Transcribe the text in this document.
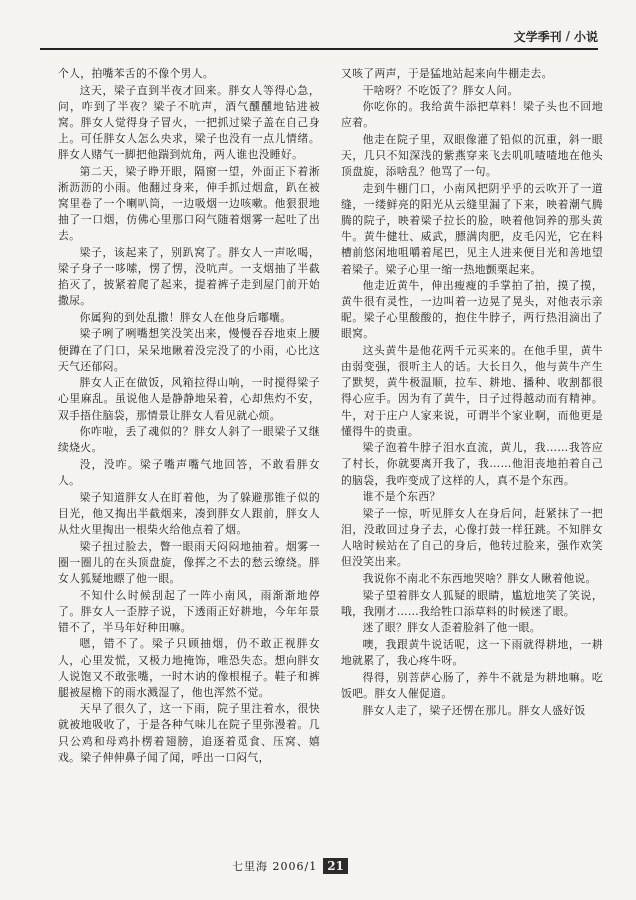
文学季刊 / 小说

个人，拍嘴苯舌的不像个男人。

这天，梁子直到半夜才回来。胖女人等得心急，问，咋到了半夜？梁子不吭声，酒气醺醺地钻进被窝。胖女人觉得身子冒火，一把抓过梁子盖在自己身上。可任胖女人怎么央求，梁子也没有一点儿情绪。胖女人赌气一脚把他踹到炕角，两人谁也没睡好。

第二天，梁子睁开眼，隔窗一望，外面正下着淅淅沥沥的小雨。他翻过身来，伸手抓过烟盒，趴在被窝里卷了一个喇叭筒，一边吸烟一边咳嗽。他狠狠地抽了一口烟，仿佛心里那口闷气随着烟雾一起吐了出去。

梁子，该起来了，别趴窝了。胖女人一声吆喝，梁子身子一哆嗦，愣了愣，没吭声。一支烟抽了半截掐灭了，披紧着爬了起来，提着裤子走到屋门前开始撒尿。

你属狗的到处乱撒！胖女人在他身后嘟囔。

梁子咧了咧嘴想笑没笑出来，慢慢吞吞地束上腰便蹲在了门口，呆呆地瞅着没完没了的小雨，心比这天气还郁闷。

胖女人正在做饭，风箱拉得山响，一时搅得梁子心里麻乱。虽说他人是静静地呆着，心却焦灼不安，双手捂住脑袋，那情景让胖女人看见就心烦。

你咋啦，丢了魂似的？胖女人斜了一眼梁子又继续烧火。

没，没咋。梁子嘴声嘴气地回答，不敢看胖女人。

梁子知道胖女人在盯着他，为了躲避那锥子似的目光，他又掏出半截烟来，凑到胖女人跟前，胖女人从灶火里掏出一根柴火给他点着了烟。

梁子扭过脸去，瞥一眼雨天闷闷地抽着。烟雾一圈一圈儿的在头顶盘旋，像挥之不去的愁云缭绕。胖女人狐疑地瞟了他一眼。

不知什么时候刮起了一阵小南风，雨渐渐地停了。胖女人一歪脖子说，下透雨正好耕地，今年年景错不了，半马年好种田嘛。

嗯，错不了。梁子只顾抽烟，仍不敢正视胖女人，心里发慌，又极力地掩饰，唯恐失态。想向胖女人说饱又不敢张嘴，一时木讷的像根棍子。鞋子和裤腿被屋檐下的雨水溅湿了，他也浑然不觉。

天早了很久了，这一下雨，院子里注着水，很快就被地吸收了，于是各种气味儿在院子里弥漫着。几只公鸡和母鸡扑楞着翅膀，追逐着觅食、压窝、嬉戏。梁子伸伸鼻子闻了闻，呼出一口闷气，

又咳了两声，于是猛地站起来向牛棚走去。

干啥呀？不吃饭了？胖女人问。

你吃你的。我给黄牛添把草料！梁子头也不回地应着。

他走在院子里，双眼像灌了铅似的沉重，斜一眼天，几只不知深浅的紫燕穿来飞去叽叽喳喳地在他头顶盘旋，添啥乱？他骂了一句。

走到牛棚门口，小南风把阴乎乎的云吹开了一道缝，一缕鲜亮的阳光从云缝里漏了下来，映着潮气腾腾的院子，映着梁子拉长的脸，映着他饲养的那头黄牛。黄牛健壮、威武，膘满肉肥，皮毛闪光，它在料槽前悠闲地咀嚼着尾巴，见主人进来便目光和善地望着梁子。梁子心里一缩一热地颤栗起来。

他走近黄牛，伸出瘦瘦的手掌拍了拍，摸了摸，黄牛很有灵性，一边叫着一边晃了晃头，对他表示亲昵。梁子心里酸酸的，抱住牛脖子，两行热泪滴出了眼窝。

这头黄牛是他花两千元买来的。在他手里，黄牛由弱变强，很听主人的话。大长日久，他与黄牛产生了默契，黄牛极温顺，拉车、耕地、播种、收割都很得心应手。因为有了黄牛，日子过得越动而有精神。牛，对于庄户人家来说，可谓半个家业啊，而他更是懂得牛的贵重。

梁子泡着牛脖子泪水直流，黄儿，我……我答应了村长，你就要离开我了，我……他泪丧地拍着自己的脑袋，我咋变成了这样的人，真不是个东西。

谁不是个东西？

梁子一惊，听见胖女人在身后问，赶紧抹了一把泪，没敢回过身子去，心像打鼓一样狂跳。不知胖女人啥时候站在了自己的身后，他转过脸来，强作欢笑但没笑出来。

我说你不南北不东西地哭啥？胖女人瞅着他说。

梁子望着胖女人狐疑的眼睛，尴尬地笑了笑说，哦，我刚才……我给牲口添草料的时候迷了眼。

迷了眼？胖女人歪着脸斜了他一眼。

噢，我跟黄牛说话呢，这一下雨就得耕地，一耕地就累了，我心疼牛呀。

得得，别菩萨心肠了，养牛不就是为耕地嘛。吃饭吧。胖女人催促道。

胖女人走了，梁子还愣在那儿。胖女人盛好饭

七里海 2006/1 21
